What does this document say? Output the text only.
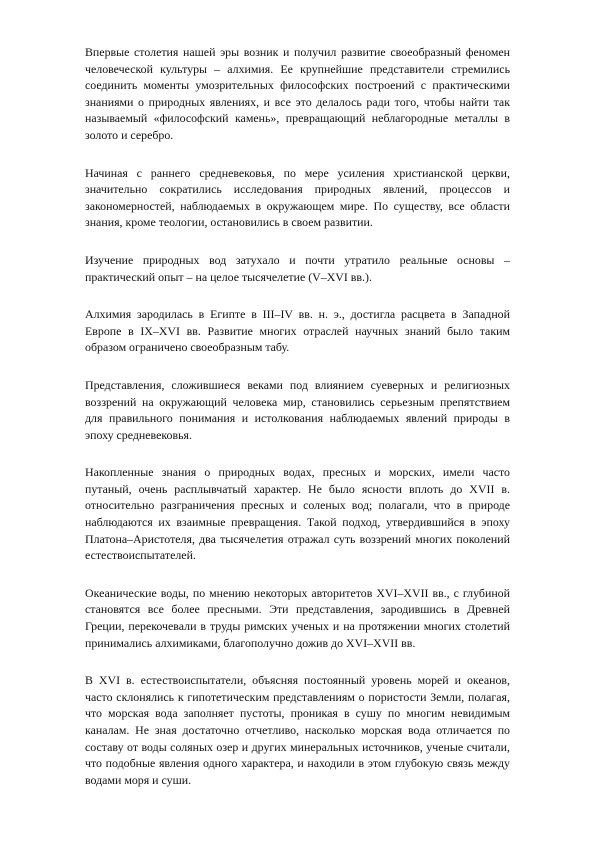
Впервые столетия нашей эры возник и получил развитие своеобразный феномен человеческой культуры – алхимия. Ее крупнейшие представители стремились соединить моменты умозрительных философских построений с практическими знаниями о природных явлениях, и все это делалось ради того, чтобы найти так называемый «философский камень», превращающий неблагородные металлы в золото и серебро.

Начиная с раннего средневековья, по мере усиления христианской церкви, значительно сократились исследования природных явлений, процессов и закономерностей, наблюдаемых в окружающем мире. По существу, все области знания, кроме теологии, остановились в своем развитии.

Изучение природных вод затухало и почти утратило реальные основы – практический опыт – на целое тысячелетие (V–XVI вв.).

Алхимия зародилась в Египте в III–IV вв. н. э., достигла расцвета в Западной Европе в IX–XVI вв. Развитие многих отраслей научных знаний было таким образом ограничено своеобразным табу.

Представления, сложившиеся веками под влиянием суеверных и религиозных воззрений на окружающий человека мир, становились серьезным препятствием для правильного понимания и истолкования наблюдаемых явлений природы в эпоху средневековья.

Накопленные знания о природных водах, пресных и морских, имели часто путаный, очень расплывчатый характер. Не было ясности вплоть до XVII в. относительно разграничения пресных и соленых вод; полагали, что в природе наблюдаются их взаимные превращения. Такой подход, утвердившийся в эпоху Платона–Аристотеля, два тысячелетия отражал суть воззрений многих поколений естествоиспытателей.

Океанические воды, по мнению некоторых авторитетов XVI–XVII вв., с глубиной становятся все более пресными. Эти представления, зародившись в Древней Греции, перекочевали в труды римских ученых и на протяжении многих столетий принимались алхимиками, благополучно дожив до XVI–XVII вв.

В XVI в. естествоиспытатели, объясняя постоянный уровень морей и океанов, часто склонялись к гипотетическим представлениям о пористости Земли, полагая, что морская вода заполняет пустоты, проникая в сушу по многим невидимым каналам. Не зная достаточно отчетливо, насколько морская вода отличается по составу от воды соляных озер и других минеральных источников, ученые считали, что подобные явления одного характера, и находили в этом глубокую связь между водами моря и суши.
